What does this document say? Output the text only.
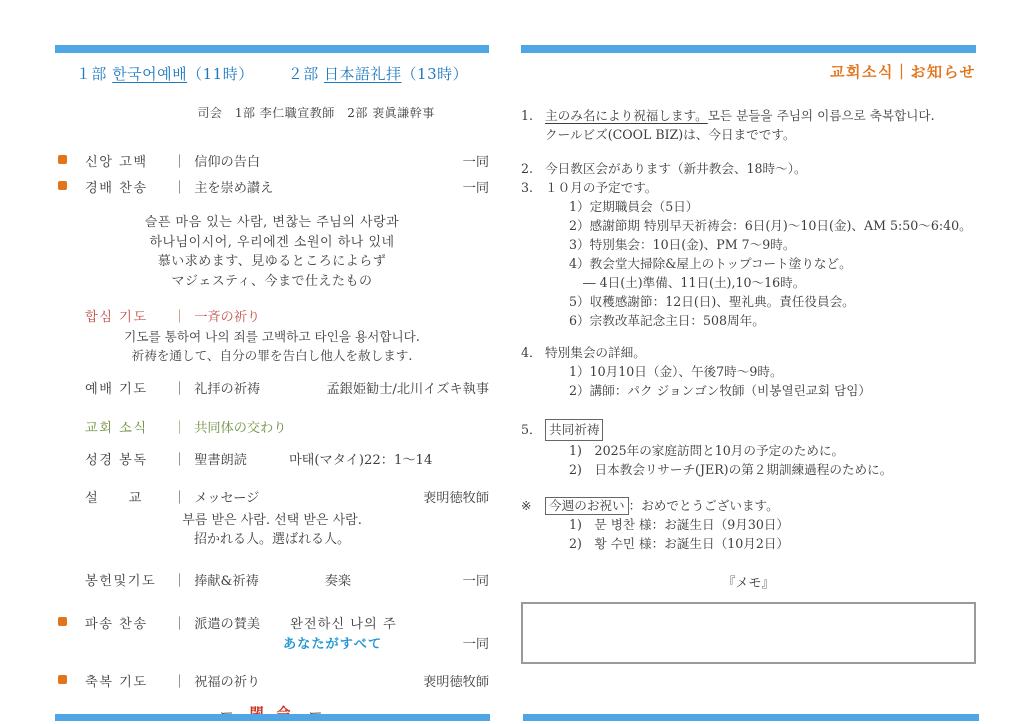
１部 한국어예배（11時） ２部 日本語礼拝（13時）
司会　1部 李仁職宣教師　2部 裵眞謙幹事
신앙 고백	｜ 信仰の告白	一同
경배 찬송	｜ 主を崇め讃え	一同
슬픈 마음 있는 사람, 변찮는 주님의 사랑과
하나님이시어, 우리에겐 소원이 하나 있네
慕い求めます、見ゆるところによらず
マジェスティ、今まで仕えたもの
합심 기도	｜ 一斉の祈り
기도를 통하여 나의 죄를 고백하고 타인을 용서합니다.
祈祷を通して、自分の罪を告白し他人を赦します.
예배 기도	｜ 礼拝の祈祷	孟銀姫勧士/北川イズキ執事
교회 소식	｜ 共同体の交わり
성경 봉독	｜ 聖書朗読	마태(マタイ)22：1～14
설　　교	｜ メッセージ	裵明徳牧師
부름 받은 사람. 선택 받은 사람.
招かれる人。選ばれる人。
봉헌및기도	｜ 捧献&祈祷	奏楽	一同
파송 찬송	｜ 派遣の賛美 완전하신 나의 주
あなたがすべて	一同
축복 기도	｜ 祝福の祈り	裵明徳牧師
교회소식｜お知らせ
1. 主のみ名により祝福します。모든 분들을 주님의 이름으로 축복합니다.
クールビズ(COOL BIZ)は、今日までです。
2. 今日教区会があります（新井教会、18時～）。
3. １０月の予定です。
1）定期職員会（5日）
2）感謝節期 特別早天祈祷会：6日(月)～10日(金)、AM 5:50～6:40。
3）特別集会：10日(金)、PM 7～9時。
4）教会堂大掃除&屋上のトップコート塗りなど。
― 4日(土)準備、11日(土),10～16時。
5）収穫感謝節：12日(日)、聖礼典。責任役員会。
6）宗教改革記念主日：508周年。
4． 特別集会の詳細。
1）10月10日（金）、午後7時～9時。
2）講師：パク ジョンゴン牧師（비봉열린교회 담임）
5． 共同祈祷
1)　2025年の家庭訪問と10月の予定のために。
2)　日本教会リサーチ(JER)の第２期訓練過程のために。
※	今週のお祝い ：おめでとうございます。
1)　문 병찬 様：お誕生日（9月30日）
2)　황 수민 様：お誕生日（10月2日）
『メモ』
